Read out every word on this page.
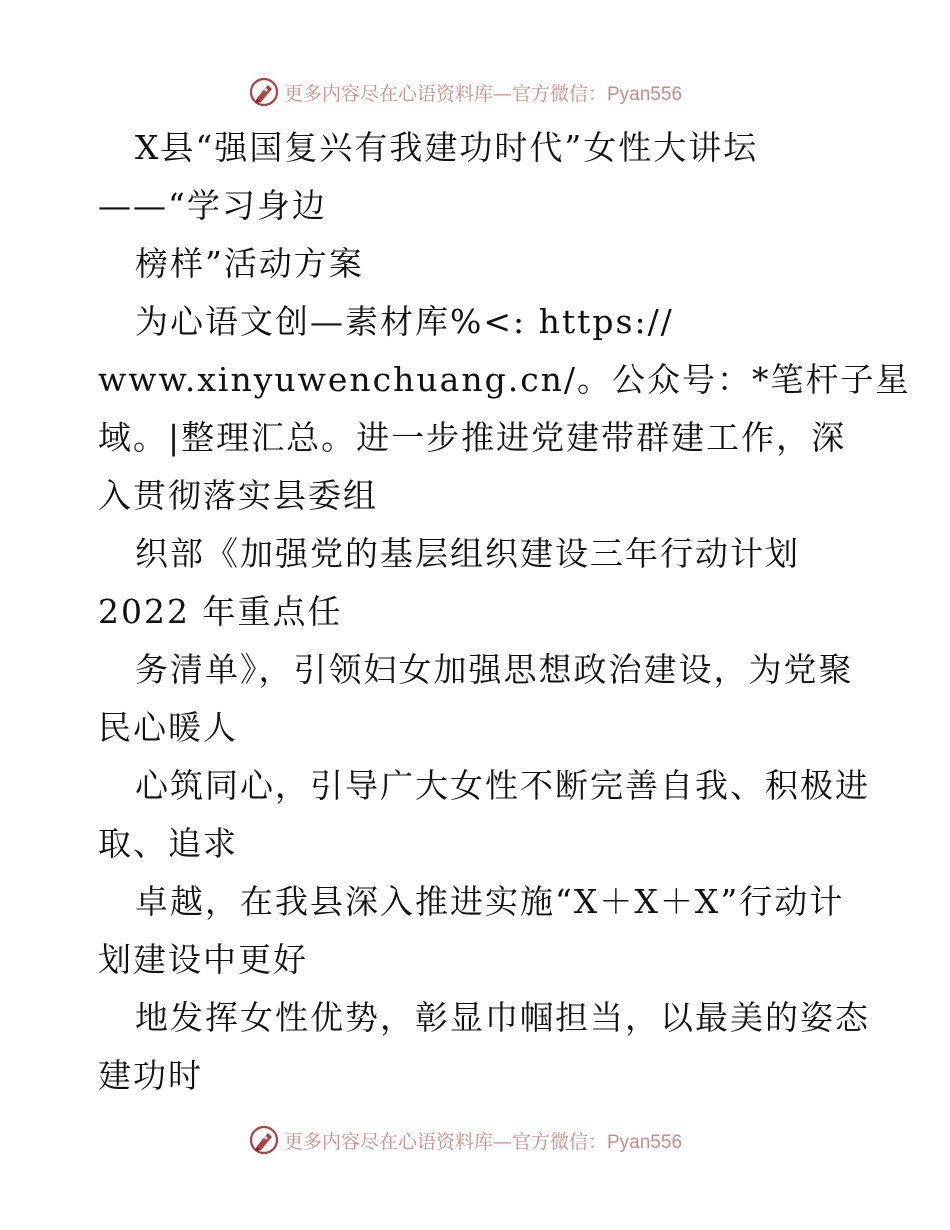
更多内容尽在心语资料库—官方微信：Pyan556
X县“强国复兴有我建功时代”女性大讲坛
——“学习身边
榜样”活动方案
为心语文创—素材库%<: https://
www.xinyuwenchuang.cn/。公众号：*笔杆子星
域。|整理汇总。进一步推进党建带群建工作，深
入贯彻落实县委组
织部《加强党的基层组织建设三年行动计划
2022 年重点任
务清单》，引领妇女加强思想政治建设，为党聚
民心暖人
心筑同心，引导广大女性不断完善自我、积极进
取、追求
卓越，在我县深入推进实施“X＋X＋X”行动计
划建设中更好
地发挥女性优势，彰显巾帼担当，以最美的姿态
建功时
更多内容尽在心语资料库—官方微信：Pyan556
